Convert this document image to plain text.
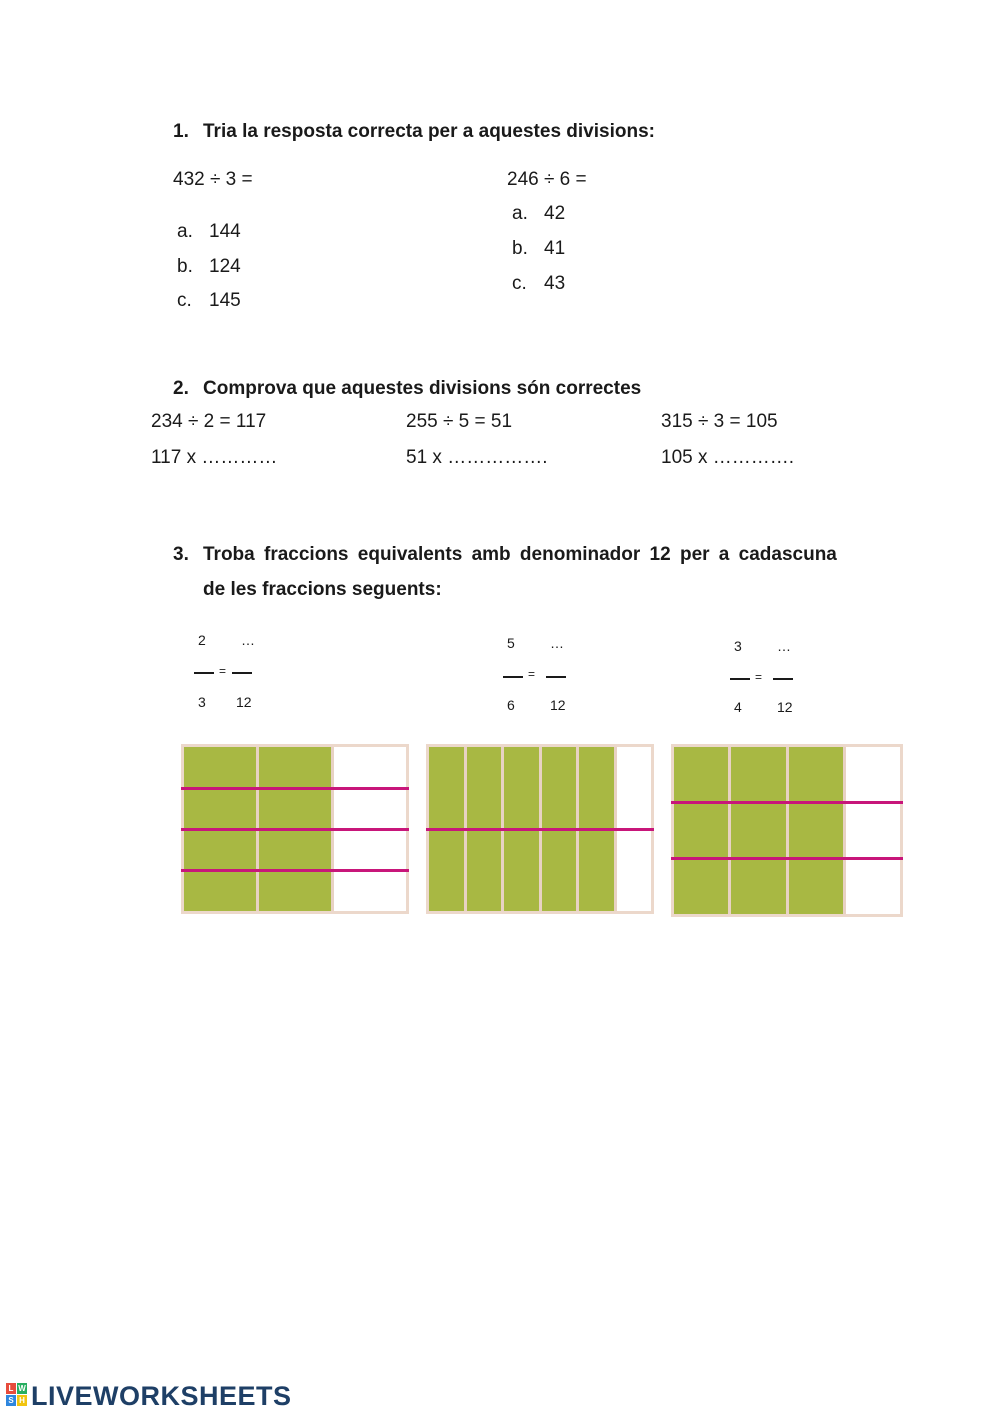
1. Tria la resposta correcta per a aquestes divisions:
432 ÷ 3 =
a. 144
b. 124
c. 145
246 ÷ 6 =
a. 42
b. 41
c. 43
2. Comprova que aquestes divisions són correctes
234 ÷ 2 = 117
117 x …………
255 ÷ 5 = 51
51 x …………….
315 ÷ 3 = 105
105 x ………….
3. Troba fraccions equivalents amb denominador 12 per a cadascuna
de les fraccions seguents:
2	…
=
3 12
5	…
=
6	12
3	…
=
4	12
L W
S H LIVEWORKSHEETS
